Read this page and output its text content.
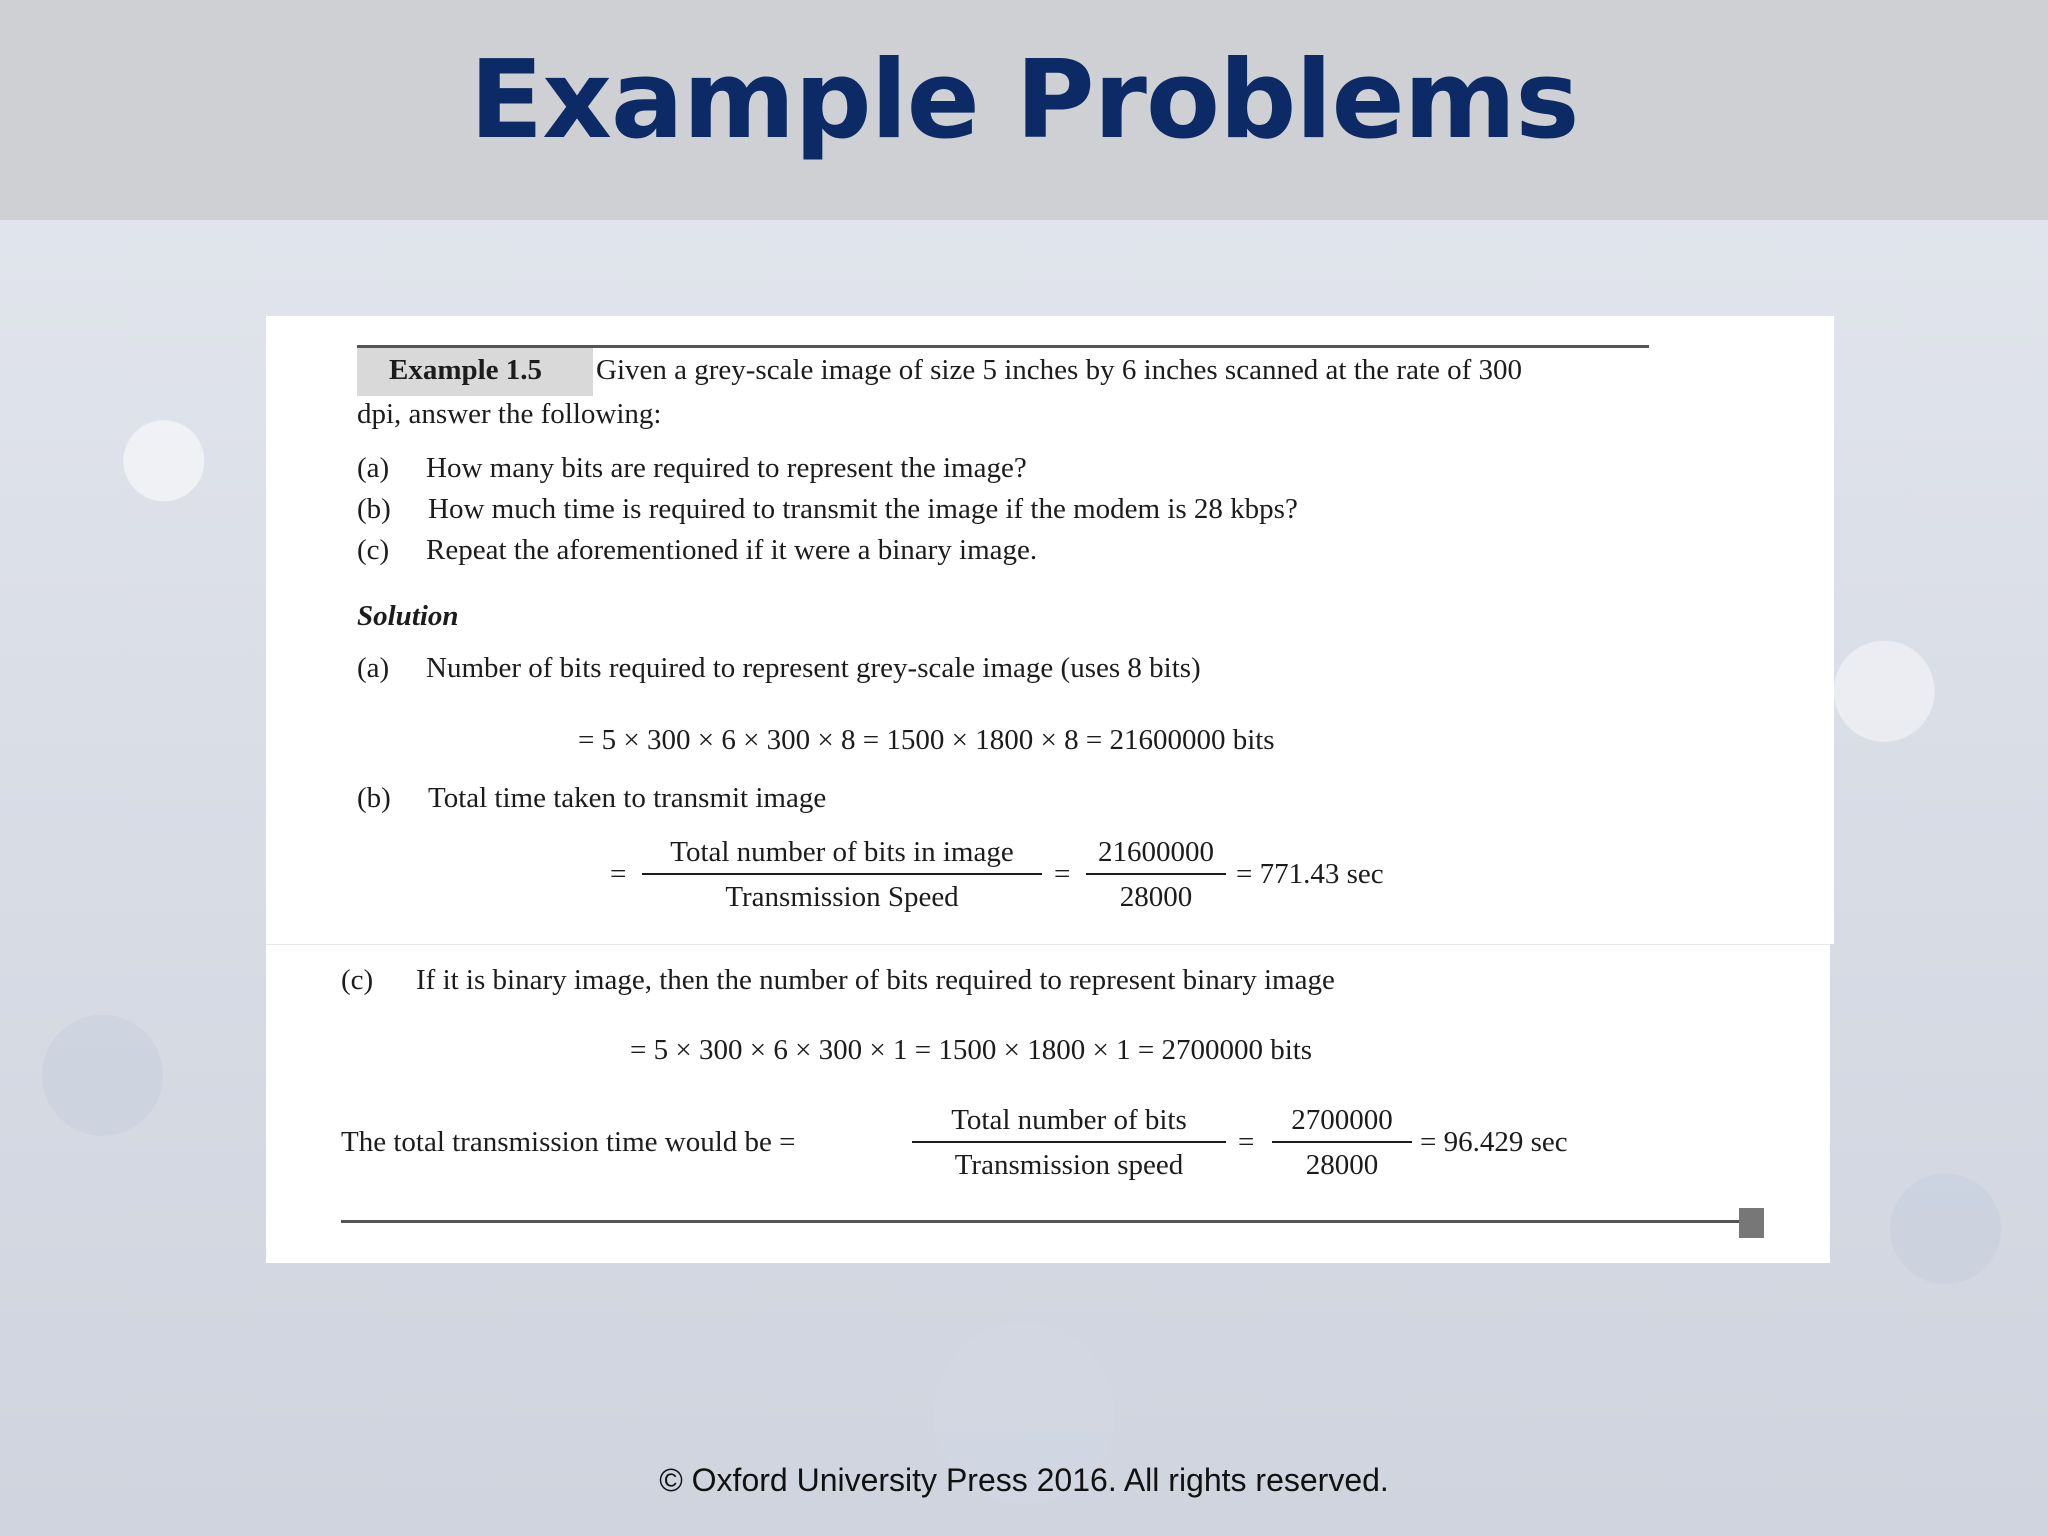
Example Problems
Example 1.5 Given a grey-scale image of size 5 inches by 6 inches scanned at the rate of 300
dpi, answer the following:
(a) How many bits are required to represent the image?
(b) How much time is required to transmit the image if the modem is 28 kbps?
(c) Repeat the aforementioned if it were a binary image.
Solution
(a) Number of bits required to represent grey-scale image (uses 8 bits)
= 5 × 300 × 6 × 300 × 8 = 1500 × 1800 × 8 = 21600000 bits
(b) Total time taken to transmit image
=
Total number of bits in image
Transmission Speed
= $\frac{21600000}{28000} = 771.43$ sec
(c) If it is binary image, then the number of bits required to represent binary image
= 5 × 300 × 6 × 300 × 1 = 1500 × 1800 × 1 = 2700000 bits
The total transmission time would be =
Total number of bits
Transmission speed
= $\frac{2700000}{28000} = 96.429$ sec
© Oxford University Press 2016. All rights reserved.
